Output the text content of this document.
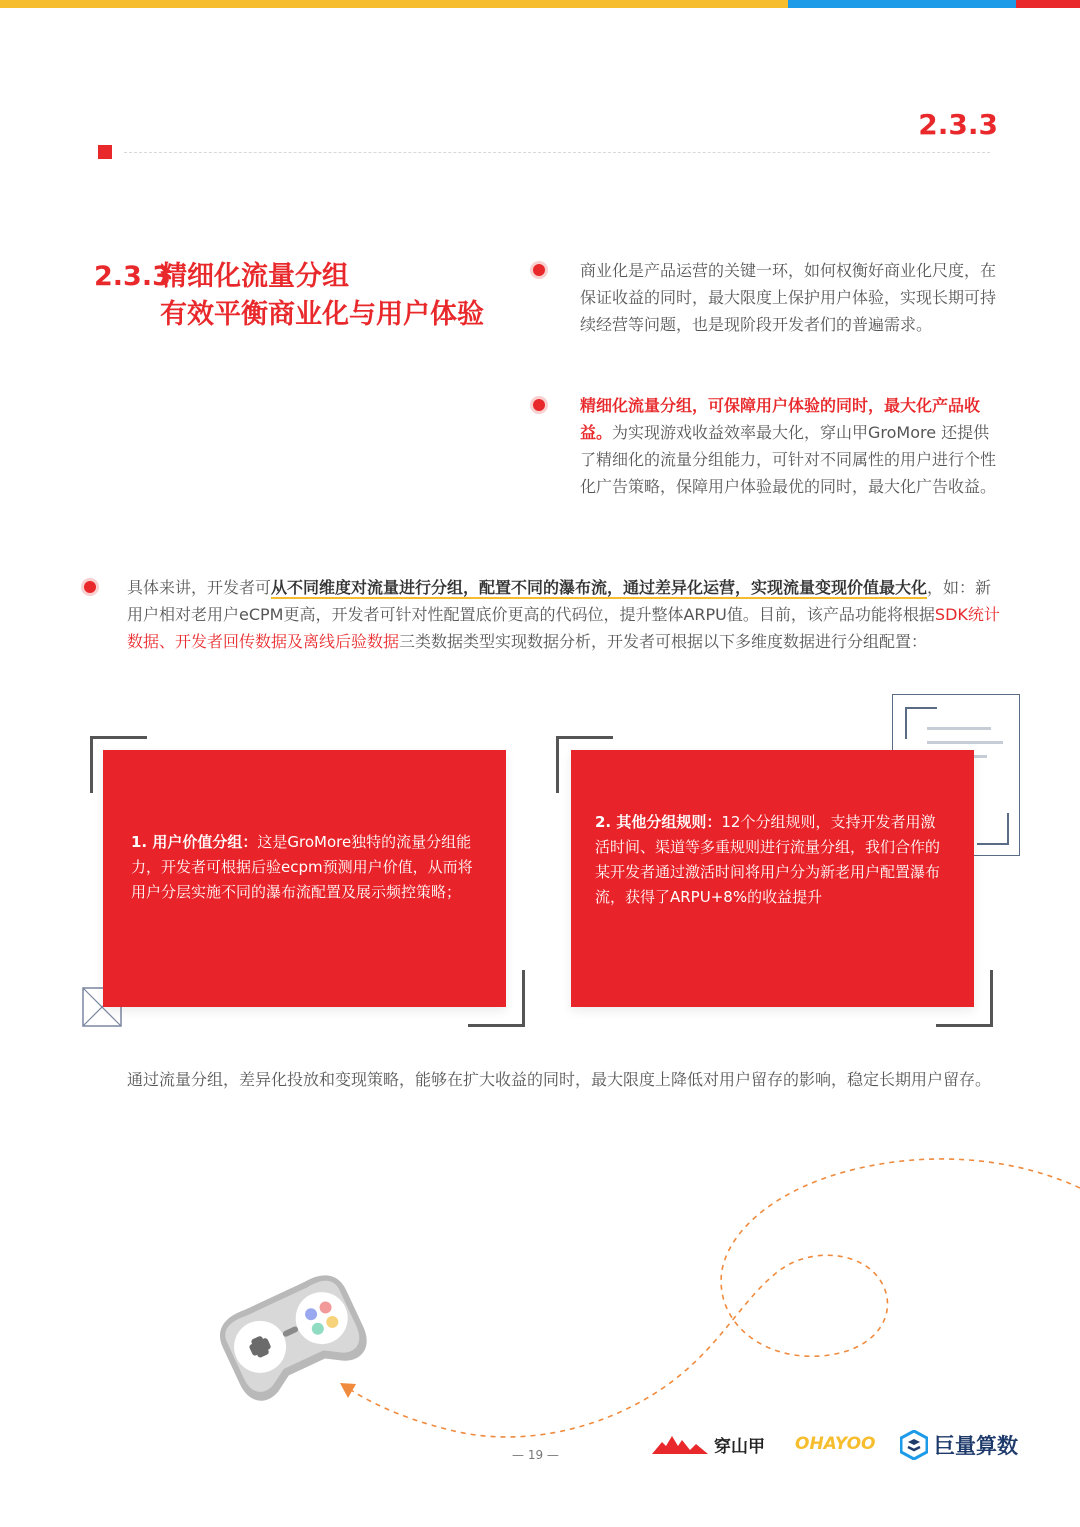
2.3.3
2.3.3精细化流量分组
有效平衡商业化与用户体验
商业化是产品运营的关键一环，如何权衡好商业化尺度，在保证收益的同时，最大限度上保护用户体验，实现长期可持续经营等问题，也是现阶段开发者们的普遍需求。
精细化流量分组，可保障用户体验的同时，最大化产品收益。为实现游戏收益效率最大化，穿山甲GroMore 还提供了精细化的流量分组能力，可针对不同属性的用户进行个性化广告策略，保障用户体验最优的同时，最大化广告收益。
具体来讲，开发者可从不同维度对流量进行分组，配置不同的瀑布流，通过差异化运营，实现流量变现价值最大化，如：新用户相对老用户eCPM更高，开发者可针对性配置底价更高的代码位，提升整体ARPU值。目前，该产品功能将根据SDK统计数据、开发者回传数据及离线后验数据三类数据类型实现数据分析，开发者可根据以下多维度数据进行分组配置：
1. 用户价值分组：这是GroMore独特的流量分组能力，开发者可根据后验ecpm预测用户价值，从而将用户分层实施不同的瀑布流配置及展示频控策略；
2. 其他分组规则：12个分组规则，支持开发者用激活时间、渠道等多重规则进行流量分组，我们合作的某开发者通过激活时间将用户分为新老用户配置瀑布流，获得了ARPU+8%的收益提升
通过流量分组，差异化投放和变现策略，能够在扩大收益的同时，最大限度上降低对用户留存的影响，稳定长期用户留存。
— 19 —	穿山甲 OHAYOO	巨量算数
